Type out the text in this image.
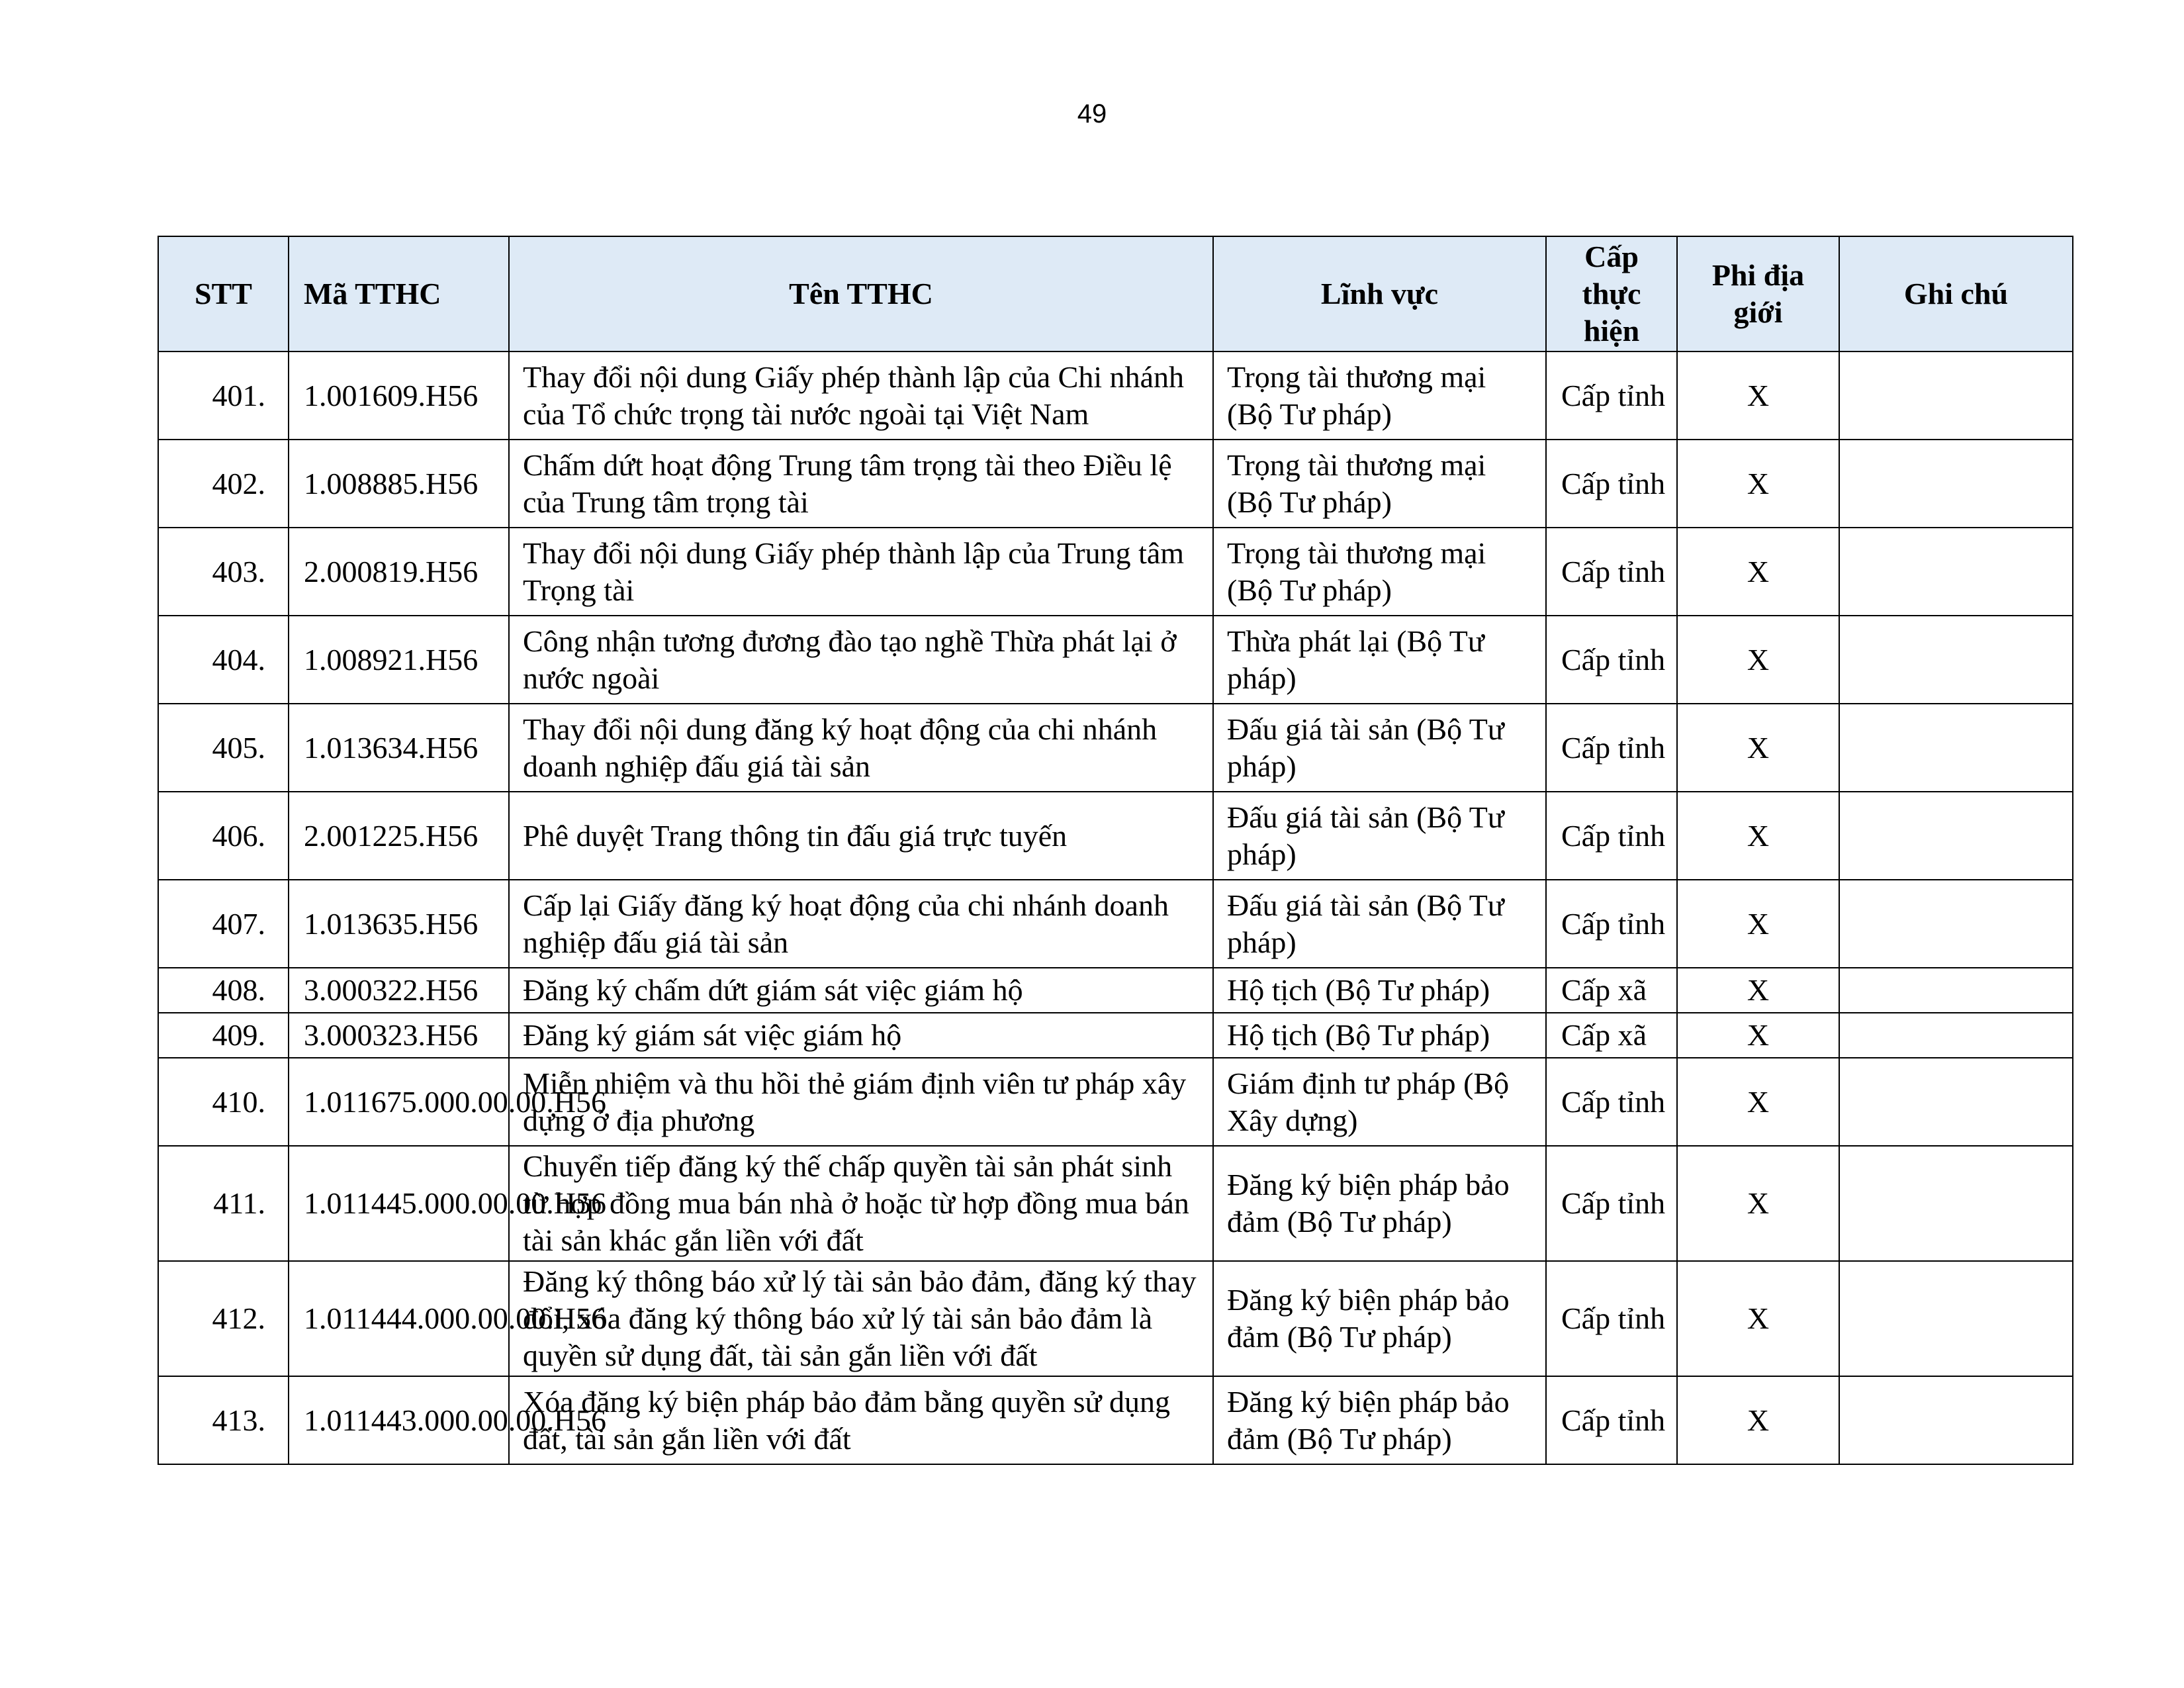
49
STT	Mã TTHC	Tên TTHC	Lĩnh vực	Cấp thực hiện	Phi địa giới	Ghi chú
401.	1.001609.H56	Thay đổi nội dung Giấy phép thành lập của Chi nhánh của Tổ chức trọng tài nước ngoài tại Việt Nam	Trọng tài thương mại (Bộ Tư pháp)	Cấp tỉnh	X	
402.	1.008885.H56	Chấm dứt hoạt động Trung tâm trọng tài theo Điều lệ của Trung tâm trọng tài	Trọng tài thương mại (Bộ Tư pháp)	Cấp tỉnh	X	
403.	2.000819.H56	Thay đổi nội dung Giấy phép thành lập của Trung tâm Trọng tài	Trọng tài thương mại (Bộ Tư pháp)	Cấp tỉnh	X	
404.	1.008921.H56	Công nhận tương đương đào tạo nghề Thừa phát lại ở nước ngoài	Thừa phát lại (Bộ Tư pháp)	Cấp tỉnh	X	
405.	1.013634.H56	Thay đổi nội dung đăng ký hoạt động của chi nhánh doanh nghiệp đấu giá tài sản	Đấu giá tài sản (Bộ Tư pháp)	Cấp tỉnh	X	
406.	2.001225.H56	Phê duyệt Trang thông tin đấu giá trực tuyến	Đấu giá tài sản (Bộ Tư pháp)	Cấp tỉnh	X	
407.	1.013635.H56	Cấp lại Giấy đăng ký hoạt động của chi nhánh doanh nghiệp đấu giá tài sản	Đấu giá tài sản (Bộ Tư pháp)	Cấp tỉnh	X	
408.	3.000322.H56	Đăng ký chấm dứt giám sát việc giám hộ	Hộ tịch (Bộ Tư pháp)	Cấp xã	X	
409.	3.000323.H56	Đăng ký giám sát việc giám hộ	Hộ tịch (Bộ Tư pháp)	Cấp xã	X	
410.	1.011675.000.00.00.H56	Miễn nhiệm và thu hồi thẻ giám định viên tư pháp xây dựng ở địa phương	Giám định tư pháp (Bộ Xây dựng)	Cấp tỉnh	X	
411.	1.011445.000.00.00.H56	Chuyển tiếp đăng ký thế chấp quyền tài sản phát sinh từ hợp đồng mua bán nhà ở hoặc từ hợp đồng mua bán tài sản khác gắn liền với đất	Đăng ký biện pháp bảo đảm (Bộ Tư pháp)	Cấp tỉnh	X	
412.	1.011444.000.00.00.H56	Đăng ký thông báo xử lý tài sản bảo đảm, đăng ký thay đổi, xóa đăng ký thông báo xử lý tài sản bảo đảm là quyền sử dụng đất, tài sản gắn liền với đất	Đăng ký biện pháp bảo đảm (Bộ Tư pháp)	Cấp tỉnh	X	
413.	1.011443.000.00.00.H56	Xóa đăng ký biện pháp bảo đảm bằng quyền sử dụng đất, tài sản gắn liền với đất	Đăng ký biện pháp bảo đảm (Bộ Tư pháp)	Cấp tỉnh	X	
